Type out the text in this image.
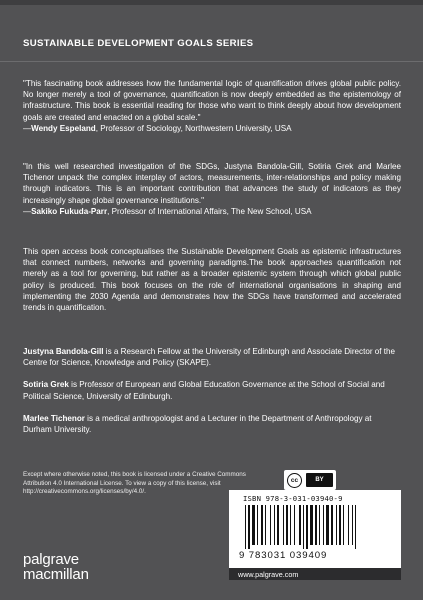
SUSTAINABLE DEVELOPMENT GOALS SERIES

"This fascinating book addresses how the fundamental logic of quantification drives global public policy. No longer merely a tool of governance, quantification is now deeply embedded as the epistemology of infrastructure. This book is essential reading for those who want to think deeply about how development goals are created and enacted on a global scale."

—Wendy Espeland, Professor of Sociology, Northwestern University, USA

"In this well researched investigation of the SDGs, Justyna Bandola-Gill, Sotiria Grek and Marlee Tichenor unpack the complex interplay of actors, measurements, inter-relationships and policy making through indicators. This is an important contribution that advances the study of indicators as they increasingly shape global governance institutions."

—Sakiko Fukuda-Parr, Professor of International Affairs, The New School, USA

This open access book conceptualises the Sustainable Development Goals as epistemic infrastructures that connect numbers, networks and governing paradigms.The book approaches quantification not merely as a tool for governing, but rather as a broader epistemic system through which global public policy is produced. This book focuses on the role of international organisations in shaping and implementing the 2030 Agenda and demonstrates how the SDGs have transformed and accelerated trends in quantification.

Justyna Bandola-Gill is a Research Fellow at the University of Edinburgh and Associate Director of the Centre for Science, Knowledge and Policy (SKAPE).

Sotiria Grek is Professor of European and Global Education Governance at the School of Social and Political Science, University of Edinburgh.

Marlee Tichenor is a medical anthropologist and a Lecturer in the Department of Anthropology at Durham University.

Except where otherwise noted, this book is licensed under a Creative Commons Attribution 4.0 International License. To view a copy of this license, visit http://creativecommons.org/licenses/by/4.0/.
cc	BY
ISBN 978-3-031-03940-9
9 783031 039409
www.palgrave.com
palgrave
macmillan
